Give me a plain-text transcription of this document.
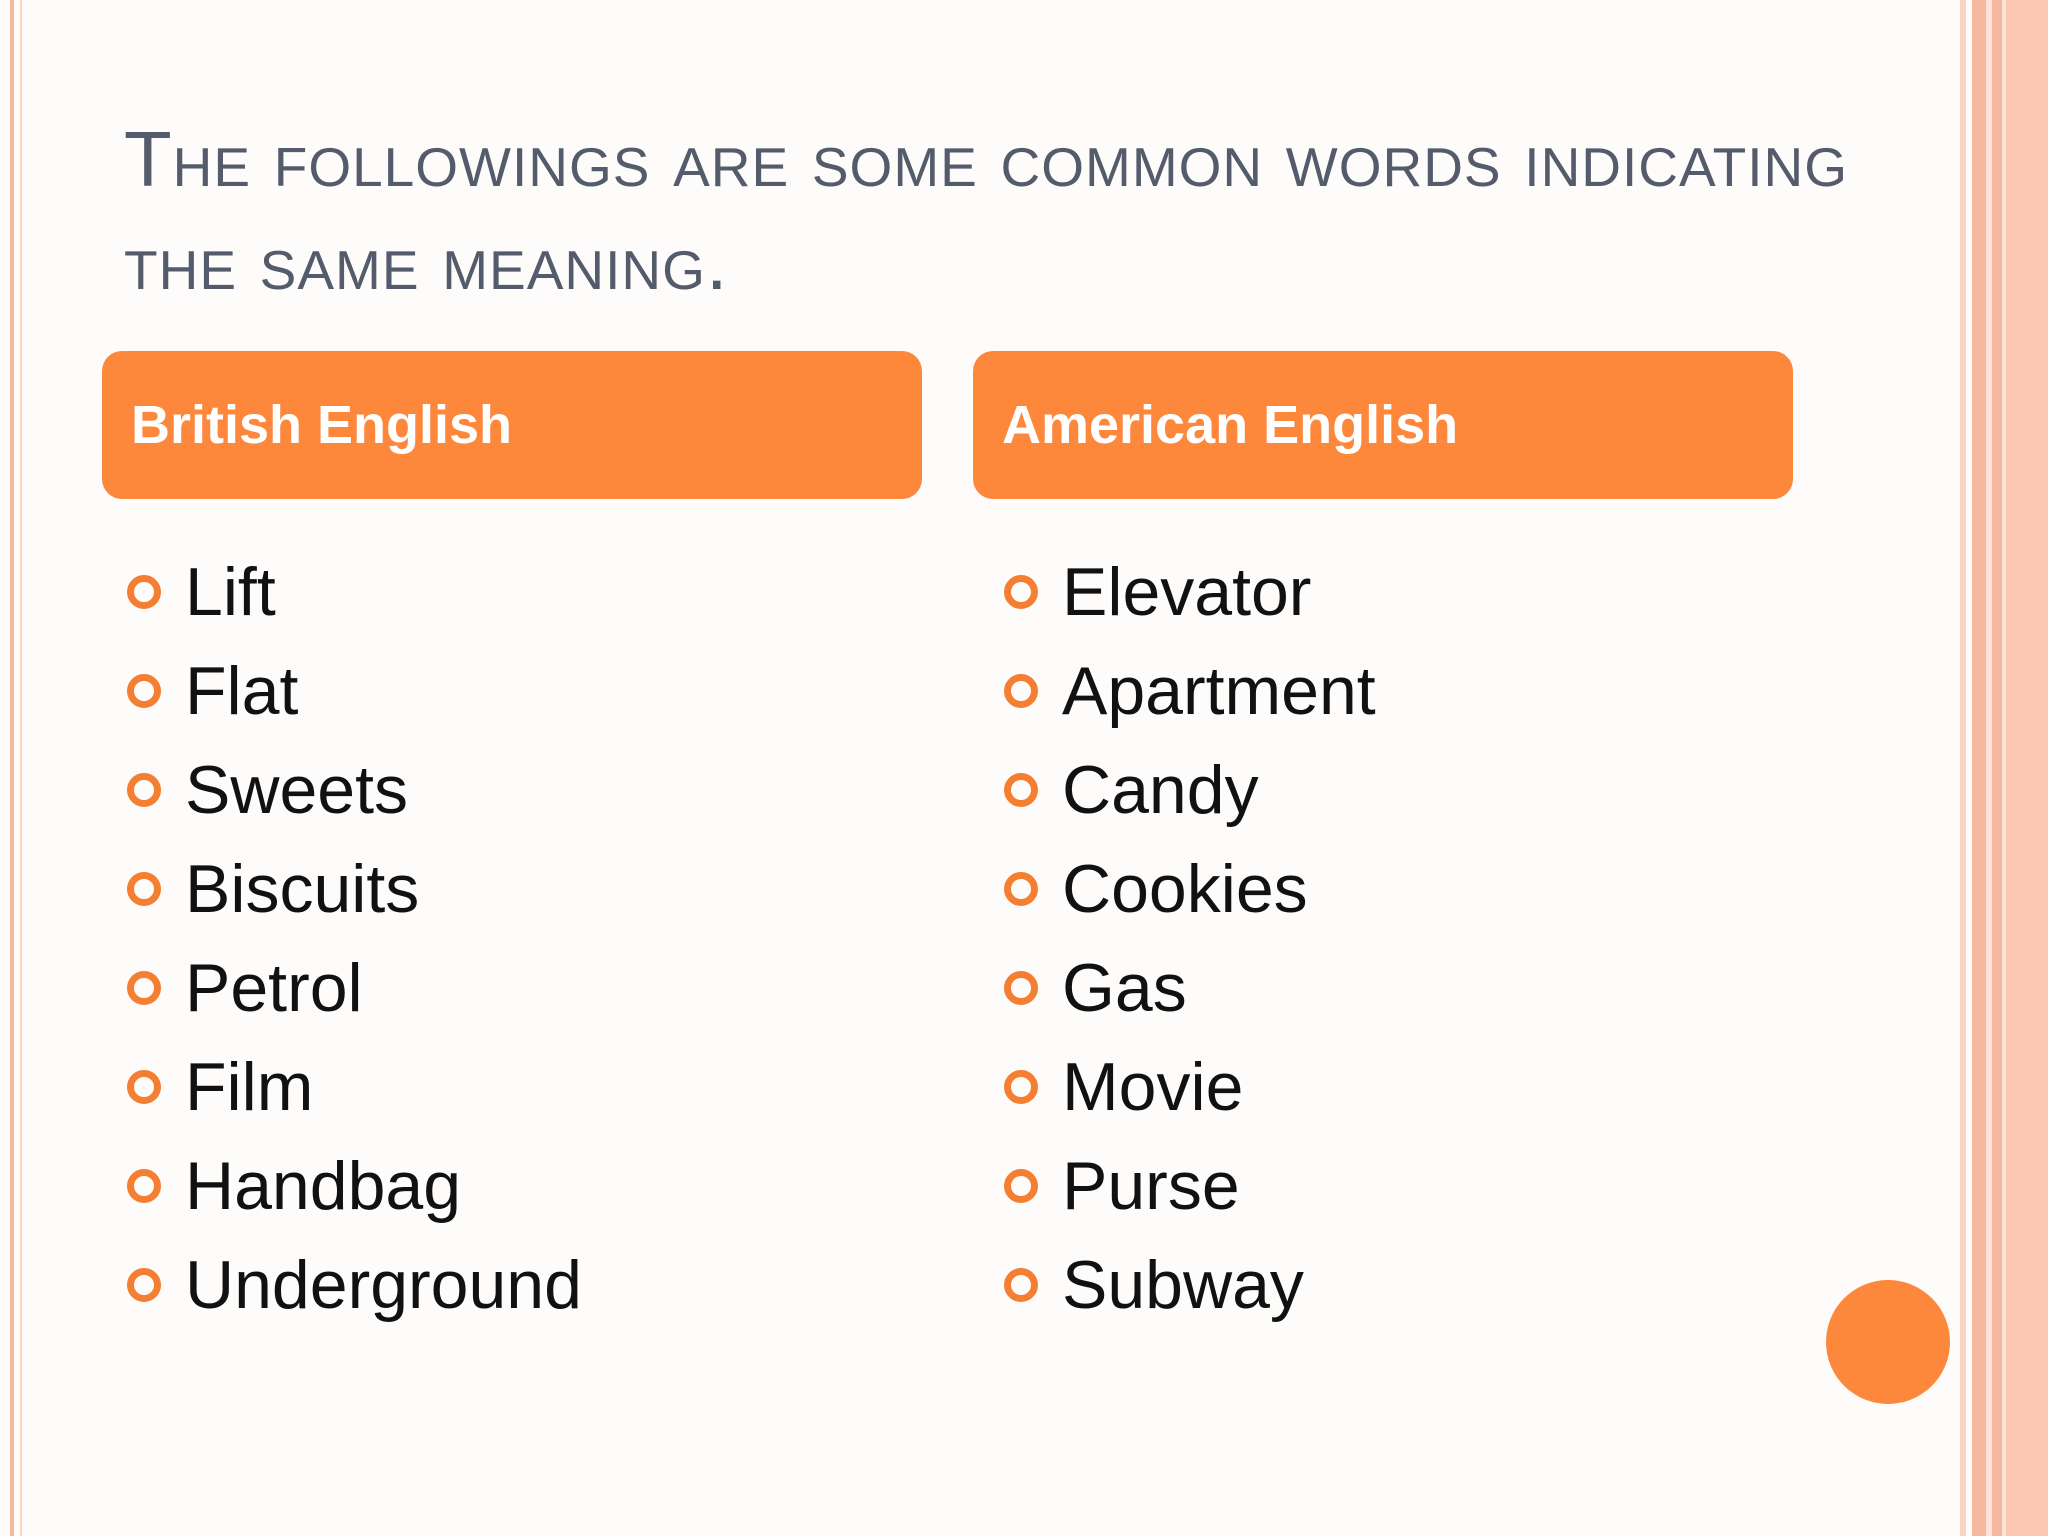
The followings are some common words indicating the same meaning.
British English
Lift
Flat
Sweets
Biscuits
Petrol
Film
Handbag
Underground
American English
Elevator
Apartment
Candy
Cookies
Gas
Movie
Purse
Subway
